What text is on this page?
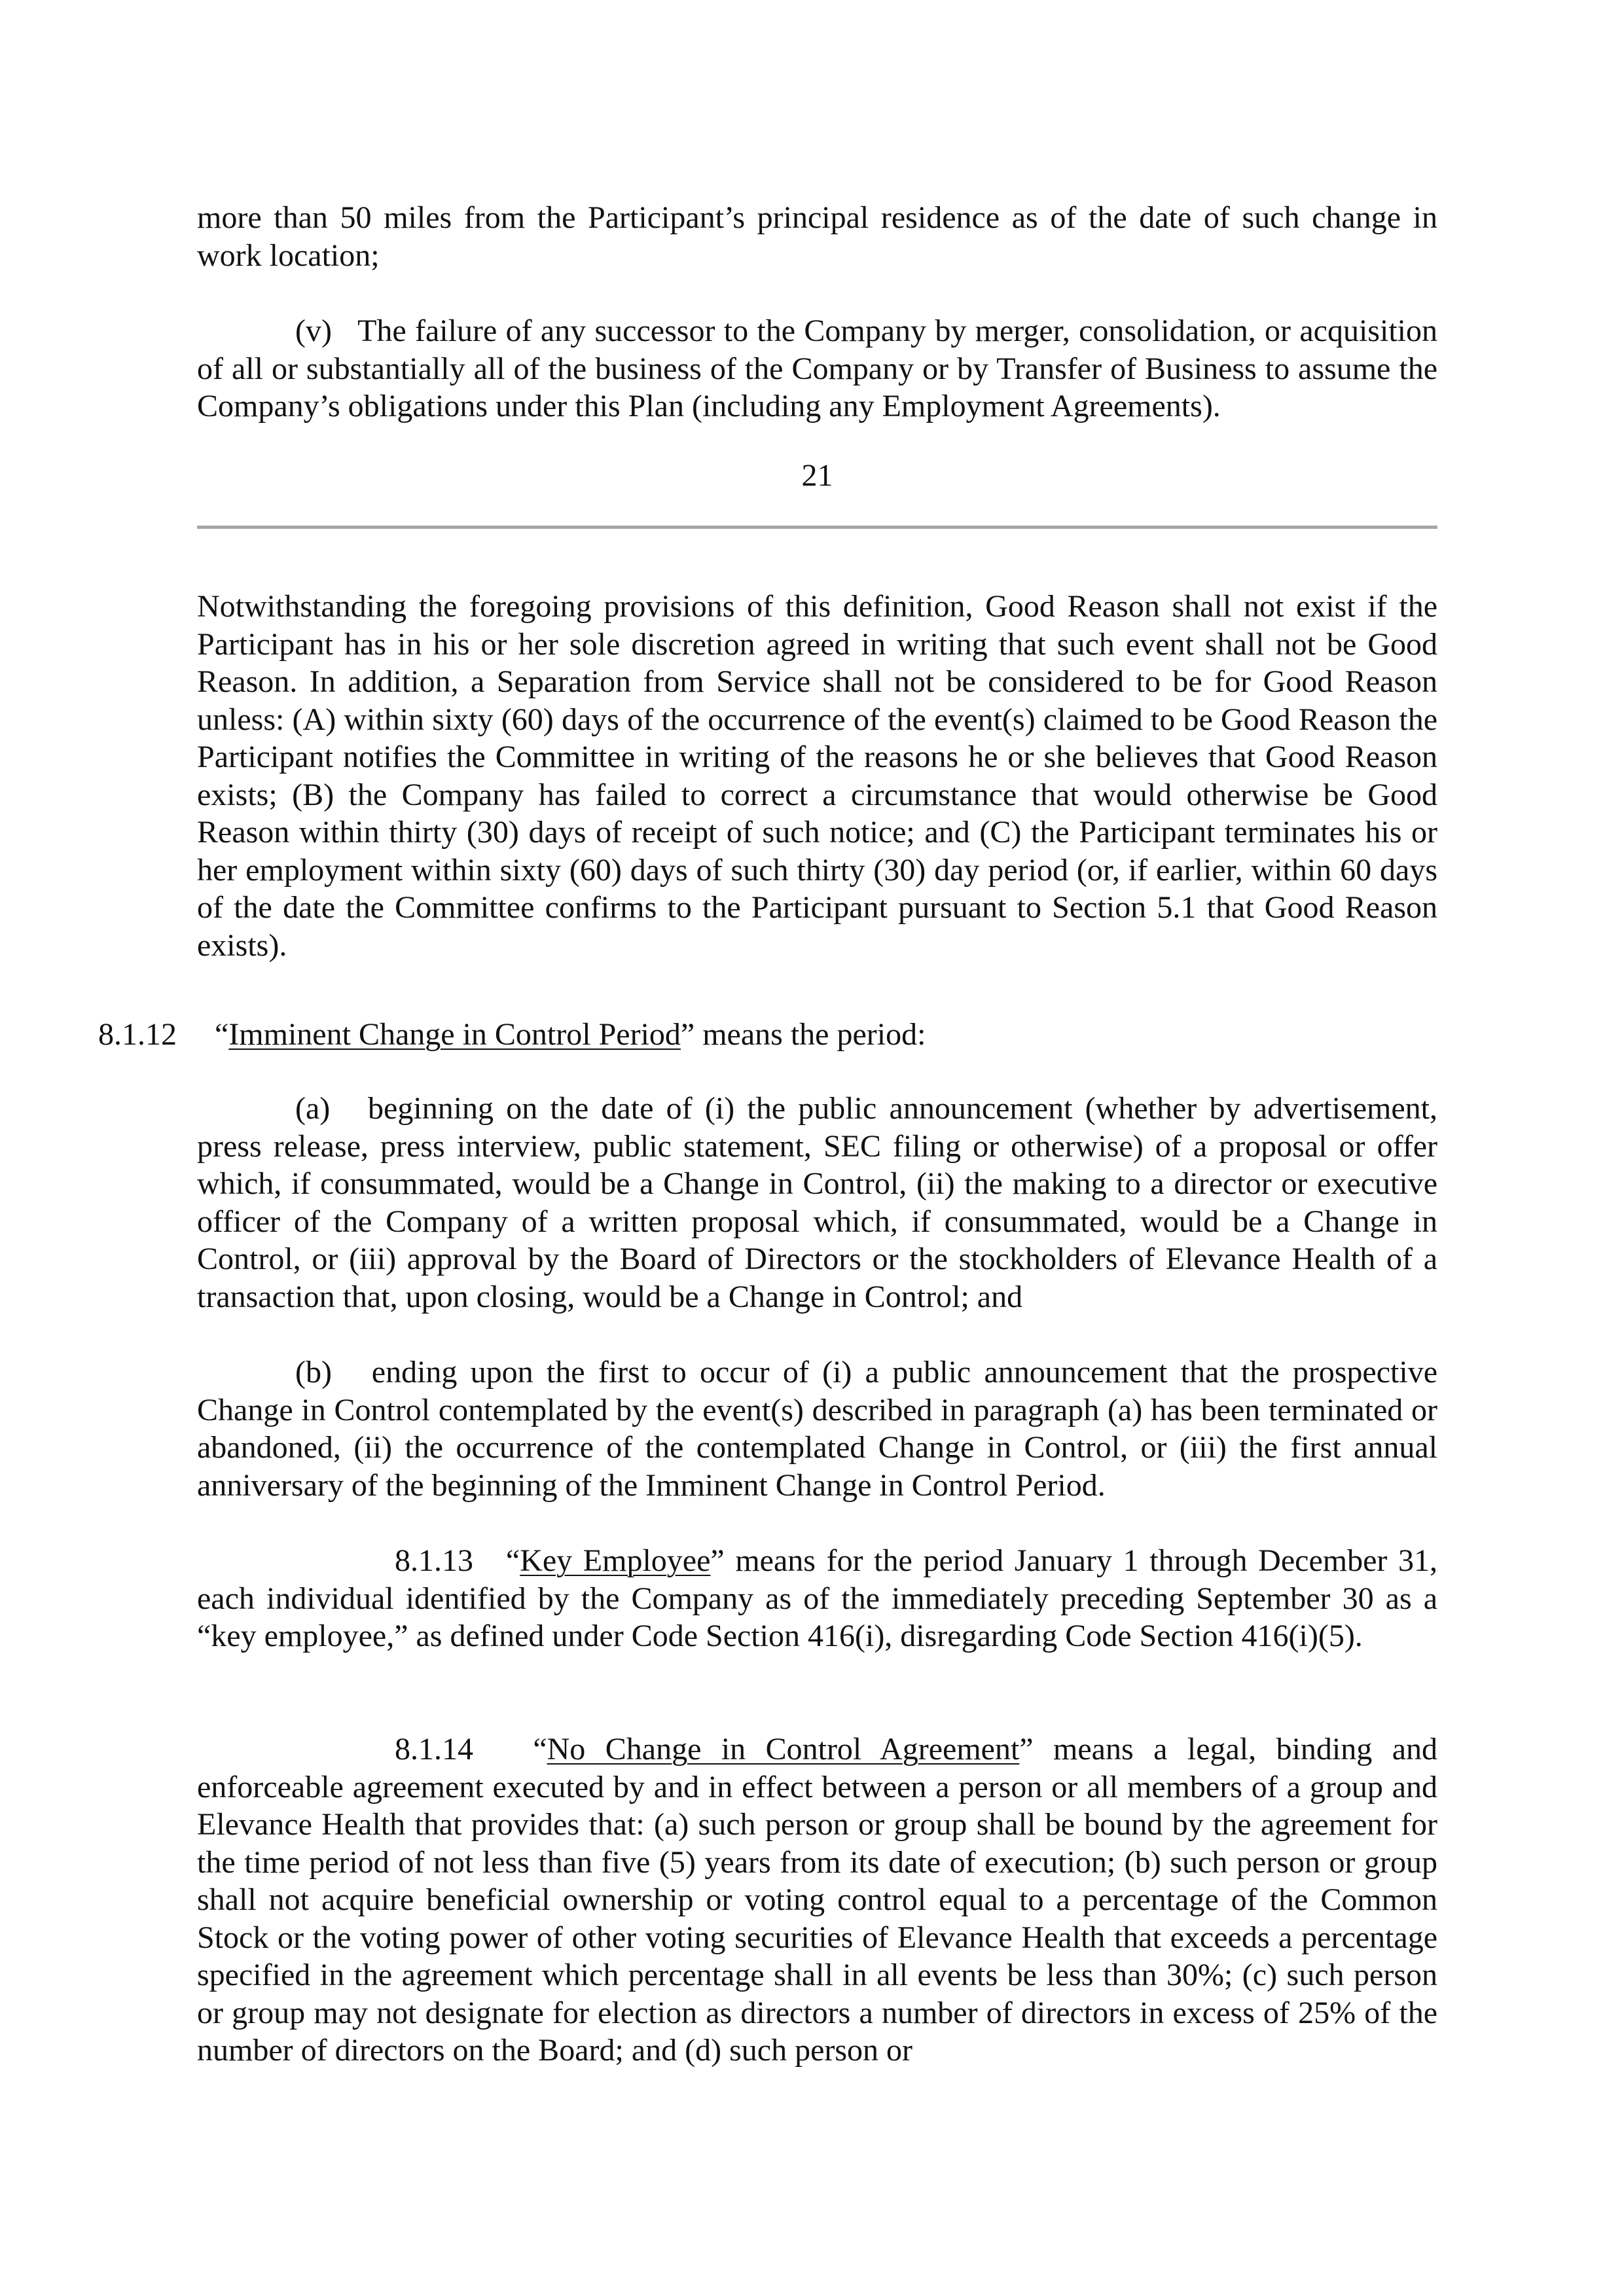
more than 50 miles from the Participant’s principal residence as of the date of such change in work location;

(v) The failure of any successor to the Company by merger, consolidation, or acquisition of all or substantially all of the business of the Company or by Transfer of Business to assume the Company’s obligations under this Plan (including any Employment Agreements).

21

Notwithstanding the foregoing provisions of this definition, Good Reason shall not exist if the Participant has in his or her sole discretion agreed in writing that such event shall not be Good Reason. In addition, a Separation from Service shall not be considered to be for Good Reason unless: (A) within sixty (60) days of the occurrence of the event(s) claimed to be Good Reason the Participant notifies the Committee in writing of the reasons he or she believes that Good Reason exists; (B) the Company has failed to correct a circumstance that would otherwise be Good Reason within thirty (30) days of receipt of such notice; and (C) the Participant terminates his or her employment within sixty (60) days of such thirty (30) day period (or, if earlier, within 60 days of the date the Committee confirms to the Participant pursuant to Section 5.1 that Good Reason exists).

8.1.12 “Imminent Change in Control Period” means the period:

(a) beginning on the date of (i) the public announcement (whether by advertisement, press release, press interview, public statement, SEC filing or otherwise) of a proposal or offer which, if consummated, would be a Change in Control, (ii) the making to a director or executive officer of the Company of a written proposal which, if consummated, would be a Change in Control, or (iii) approval by the Board of Directors or the stockholders of Elevance Health of a transaction that, upon closing, would be a Change in Control; and

(b) ending upon the first to occur of (i) a public announcement that the prospective Change in Control contemplated by the event(s) described in paragraph (a) has been terminated or abandoned, (ii) the occurrence of the contemplated Change in Control, or (iii) the first annual anniversary of the beginning of the Imminent Change in Control Period.

8.1.13 “Key Employee” means for the period January 1 through December 31, each individual identified by the Company as of the immediately preceding September 30 as a “key employee,” as defined under Code Section 416(i), disregarding Code Section 416(i)(5).

8.1.14 “No Change in Control Agreement” means a legal, binding and enforceable agreement executed by and in effect between a person or all members of a group and Elevance Health that provides that: (a) such person or group shall be bound by the agreement for the time period of not less than five (5) years from its date of execution; (b) such person or group shall not acquire beneficial ownership or voting control equal to a percentage of the Common Stock or the voting power of other voting securities of Elevance Health that exceeds a percentage specified in the agreement which percentage shall in all events be less than 30%; (c) such person or group may not designate for election as directors a number of directors in excess of 25% of the number of directors on the Board; and (d) such person or
